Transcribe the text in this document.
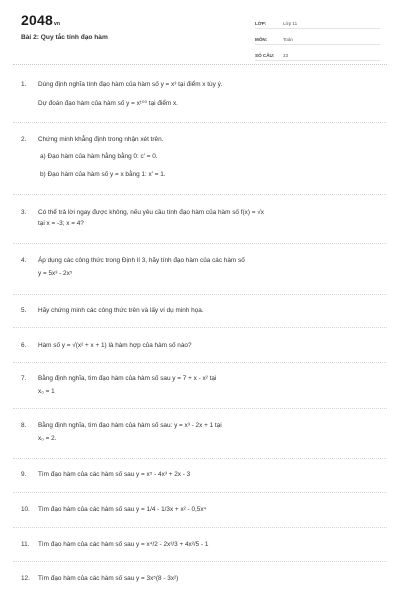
2048vn
Bài 2: Quy tắc tính đạo hàm
LỚP:	Lớp 11
MÔN:	Toán
SỐ CÂU:	23
1. Dùng định nghĩa tính đạo hàm của hàm số y = x³ tại điểm x tùy ý.
Dự đoán đạo hàm của hàm số y = x¹⁰⁰ tại điểm x.
2. Chứng minh khẳng định trong nhận xét trên.
a) Đạo hàm của hàm hằng bằng 0: c' = 0.
b) Đạo hàm của hàm số y = x bằng 1: x' = 1.
3. Có thể trả lời ngay được không, nếu yêu cầu tính đạo hàm của hàm số f(x) = √x
tại x = -3; x = 4?
4. Áp dụng các công thức trong Định lí 3, hãy tính đạo hàm của các hàm số
y = 5x³ - 2x⁵
5. Hãy chứng minh các công thức trên và lấy ví dụ minh họa.
6. Hàm số y = √(x² + x + 1) là hàm hợp của hàm số nào?
7. Bằng định nghĩa, tìm đạo hàm của hàm số sau y = 7 + x - x² tại
x₀ = 1
8. Bằng định nghĩa, tìm đạo hàm của hàm số sau: y = x³ - 2x + 1 tại
x₀ = 2.
9. Tìm đạo hàm của các hàm số sau y = x⁵ - 4x³ + 2x - 3
10. Tìm đạo hàm của các hàm số sau y = 1/4 - 1/3x + x² - 0,5x⁴
11. Tìm đạo hàm của các hàm số sau y = x⁴/2 - 2x³/3 + 4x²/5 - 1
12. Tìm đạo hàm của các hàm số sau y = 3x⁵(8 - 3x²)
